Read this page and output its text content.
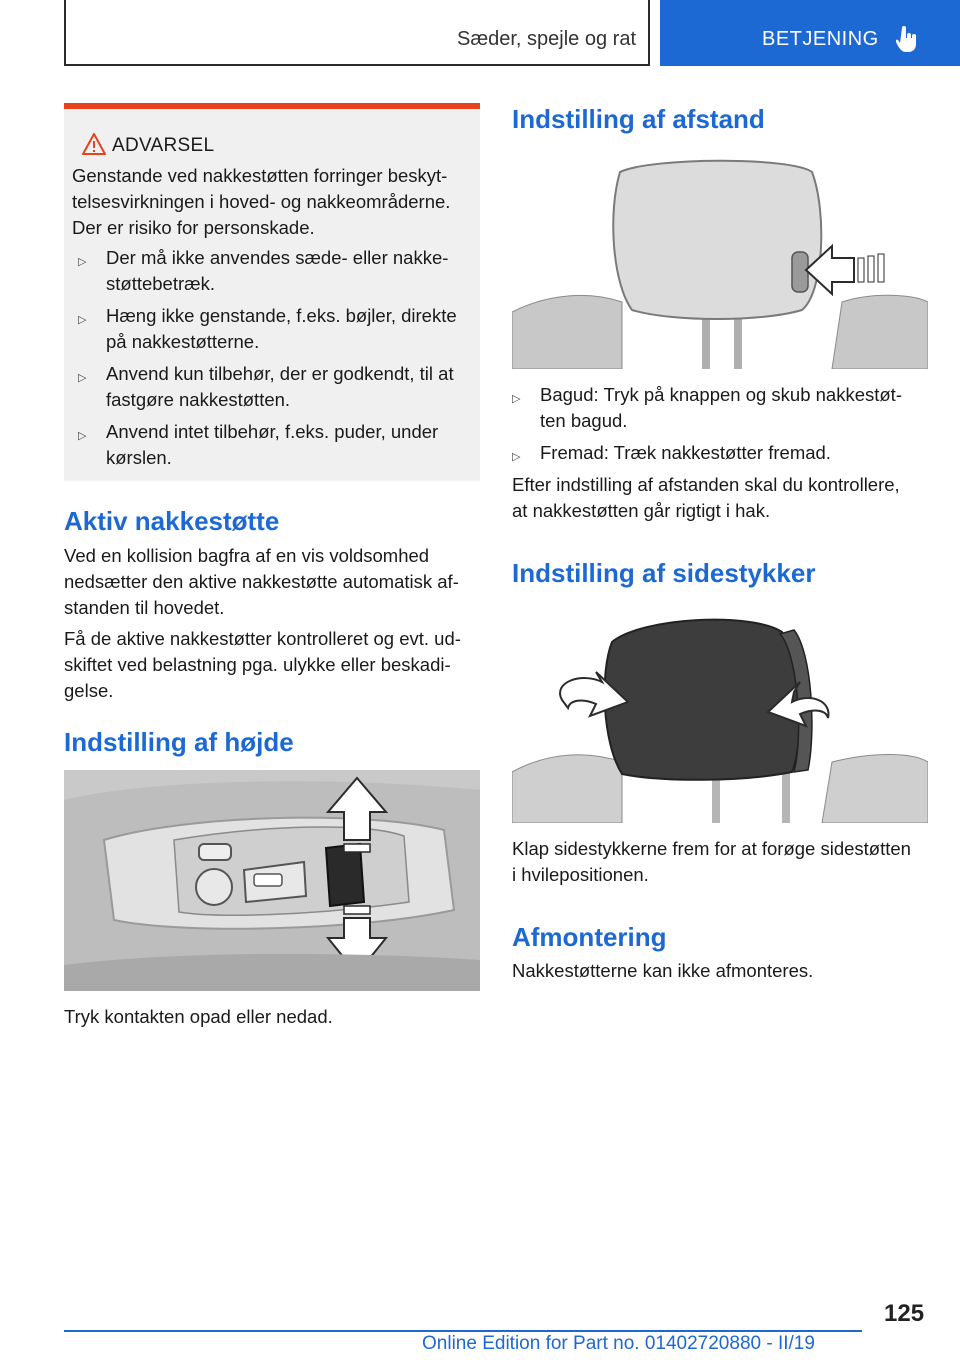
Sæder, spejle og rat	BETJENING
ADVARSEL
Genstande ved nakkestøtten forringer beskyt-
telsesvirkningen i hoved- og nakkeområderne.
Der er risiko for personskade.
▷ Der må ikke anvendes sæde- eller nakke-
støttebetræk.
▷ Hæng ikke genstande, f.eks. bøjler, direkte
på nakkestøtterne.
▷ Anvend kun tilbehør, der er godkendt, til at
fastgøre nakkestøtten.
▷ Anvend intet tilbehør, f.eks. puder, under
kørslen.
Aktiv nakkestøtte
Ved en kollision bagfra af en vis voldsomhed
nedsætter den aktive nakkestøtte automatisk af-
standen til hovedet.
Få de aktive nakkestøtter kontrolleret og evt. ud-
skiftet ved belastning pga. ulykke eller beskadi-
gelse.
Indstilling af højde
Tryk kontakten opad eller nedad.
Indstilling af afstand
▷ Bagud: Tryk på knappen og skub nakkestøt-
ten bagud.
▷ Fremad: Træk nakkestøtter fremad.
Efter indstilling af afstanden skal du kontrollere,
at nakkestøtten går rigtigt i hak.
Indstilling af sidestykker
Klap sidestykkerne frem for at forøge sidestøtten
i hvilepositionen.
Afmontering
Nakkestøtterne kan ikke afmonteres.
125
Online Edition for Part no. 01402720880 - II/19
